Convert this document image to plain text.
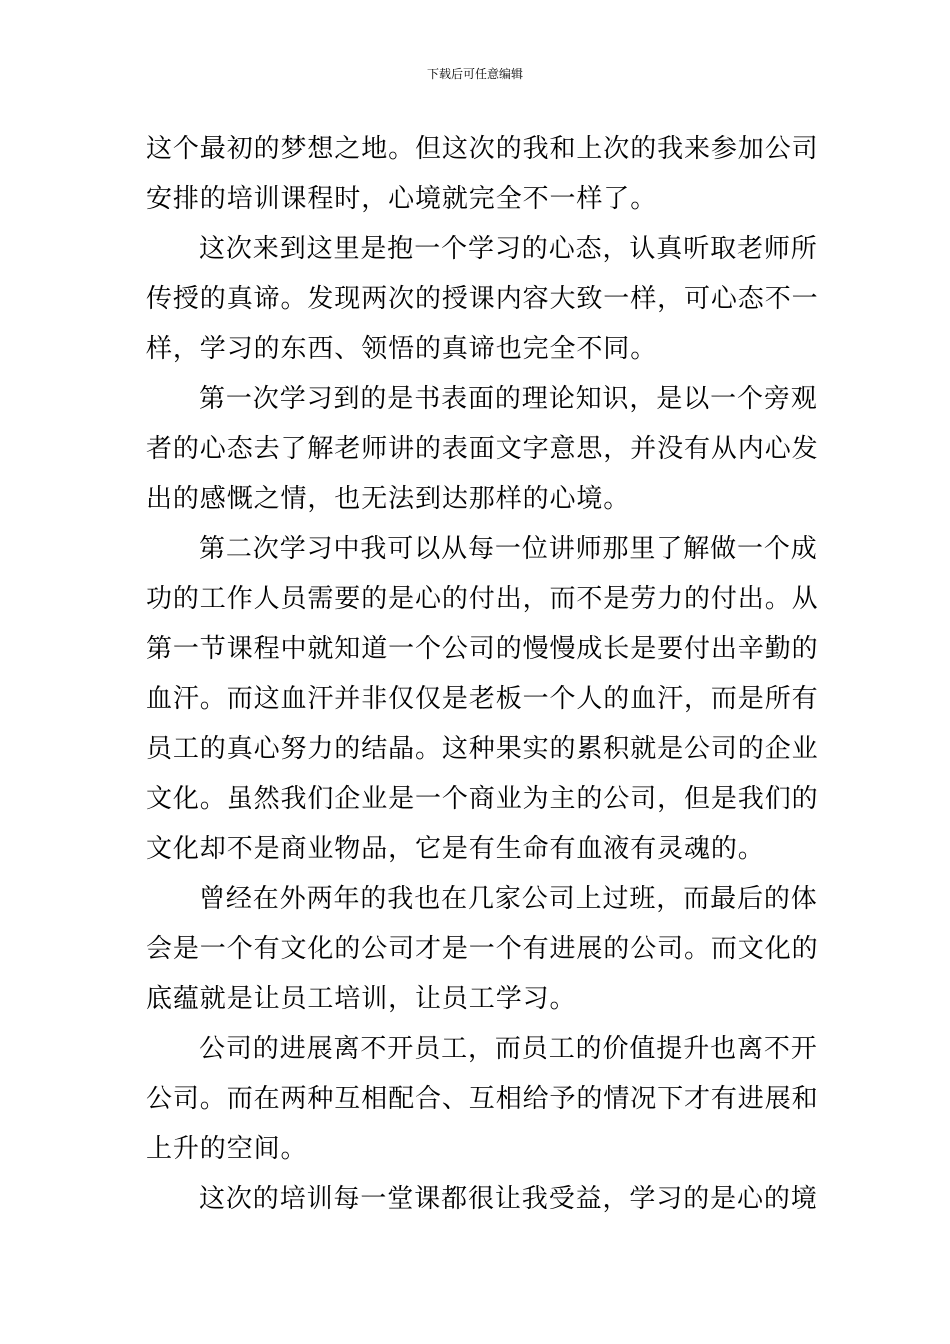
下载后可任意编辑
这个最初的梦想之地。但这次的我和上次的我来参加公司
安排的培训课程时，心境就完全不一样了。
这次来到这里是抱一个学习的心态，认真听取老师所
传授的真谛。发现两次的授课内容大致一样，可心态不一
样，学习的东西、领悟的真谛也完全不同。
第一次学习到的是书表面的理论知识，是以一个旁观
者的心态去了解老师讲的表面文字意思，并没有从内心发
出的感慨之情，也无法到达那样的心境。
第二次学习中我可以从每一位讲师那里了解做一个成
功的工作人员需要的是心的付出，而不是劳力的付出。从
第一节课程中就知道一个公司的慢慢成长是要付出辛勤的
血汗。而这血汗并非仅仅是老板一个人的血汗，而是所有
员工的真心努力的结晶。这种果实的累积就是公司的企业
文化。虽然我们企业是一个商业为主的公司，但是我们的
文化却不是商业物品，它是有生命有血液有灵魂的。
曾经在外两年的我也在几家公司上过班，而最后的体
会是一个有文化的公司才是一个有进展的公司。而文化的
底蕴就是让员工培训，让员工学习。
公司的进展离不开员工，而员工的价值提升也离不开
公司。而在两种互相配合、互相给予的情况下才有进展和
上升的空间。
这次的培训每一堂课都很让我受益，学习的是心的境
